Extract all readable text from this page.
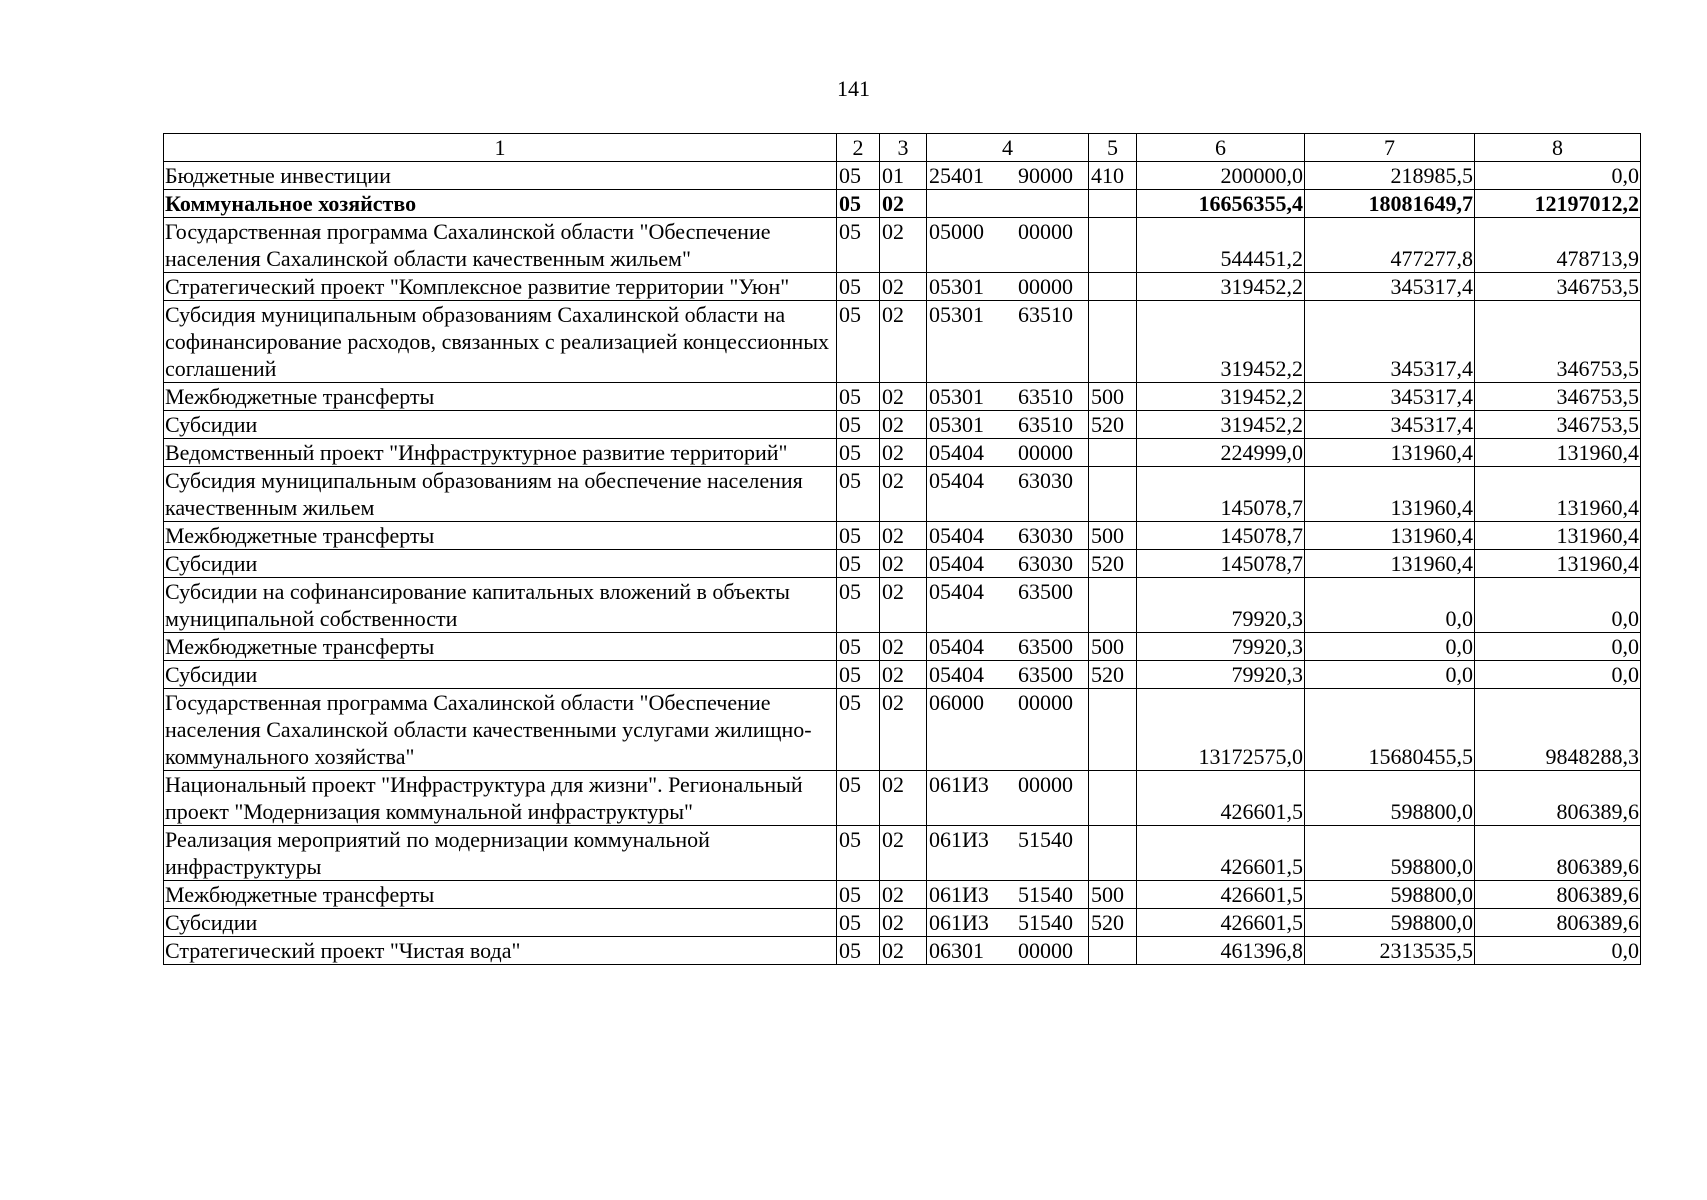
141
1	2	3	4	5	6	7	8
Бюджетные инвестиции	05	01	25401 90000	410	200000,0	218985,5	0,0
Коммунальное хозяйство	05	02			16656355,4	18081649,7	12197012,2
Государственная программа Сахалинской области "Обеспечение населения Сахалинской области качественным жильем"	05	02	05000 00000		544451,2	477277,8	478713,9
Стратегический проект "Комплексное развитие территории "Уюн"	05	02	05301 00000		319452,2	345317,4	346753,5
Субсидия муниципальным образованиям Сахалинской области на софинансирование расходов, связанных с реализацией концессионных соглашений	05	02	05301 63510		319452,2	345317,4	346753,5
Межбюджетные трансферты	05	02	05301 63510	500	319452,2	345317,4	346753,5
Субсидии	05	02	05301 63510	520	319452,2	345317,4	346753,5
Ведомственный проект "Инфраструктурное развитие территорий"	05	02	05404 00000		224999,0	131960,4	131960,4
Субсидия муниципальным образованиям на обеспечение населения качественным жильем	05	02	05404 63030		145078,7	131960,4	131960,4
Межбюджетные трансферты	05	02	05404 63030	500	145078,7	131960,4	131960,4
Субсидии	05	02	05404 63030	520	145078,7	131960,4	131960,4
Субсидии на софинансирование капитальных вложений в объекты муниципальной собственности	05	02	05404 63500		79920,3	0,0	0,0
Межбюджетные трансферты	05	02	05404 63500	500	79920,3	0,0	0,0
Субсидии	05	02	05404 63500	520	79920,3	0,0	0,0
Государственная программа Сахалинской области "Обеспечение населения Сахалинской области качественными услугами жилищно-коммунального хозяйства"	05	02	06000 00000		13172575,0	15680455,5	9848288,3
Национальный проект "Инфраструктура для жизни". Региональный проект "Модернизация коммунальной инфраструктуры"	05	02	061И3 00000		426601,5	598800,0	806389,6
Реализация мероприятий по модернизации коммунальной инфраструктуры	05	02	061И3 51540		426601,5	598800,0	806389,6
Межбюджетные трансферты	05	02	061И3 51540	500	426601,5	598800,0	806389,6
Субсидии	05	02	061И3 51540	520	426601,5	598800,0	806389,6
Стратегический проект "Чистая вода"	05	02	06301 00000		461396,8	2313535,5	0,0
